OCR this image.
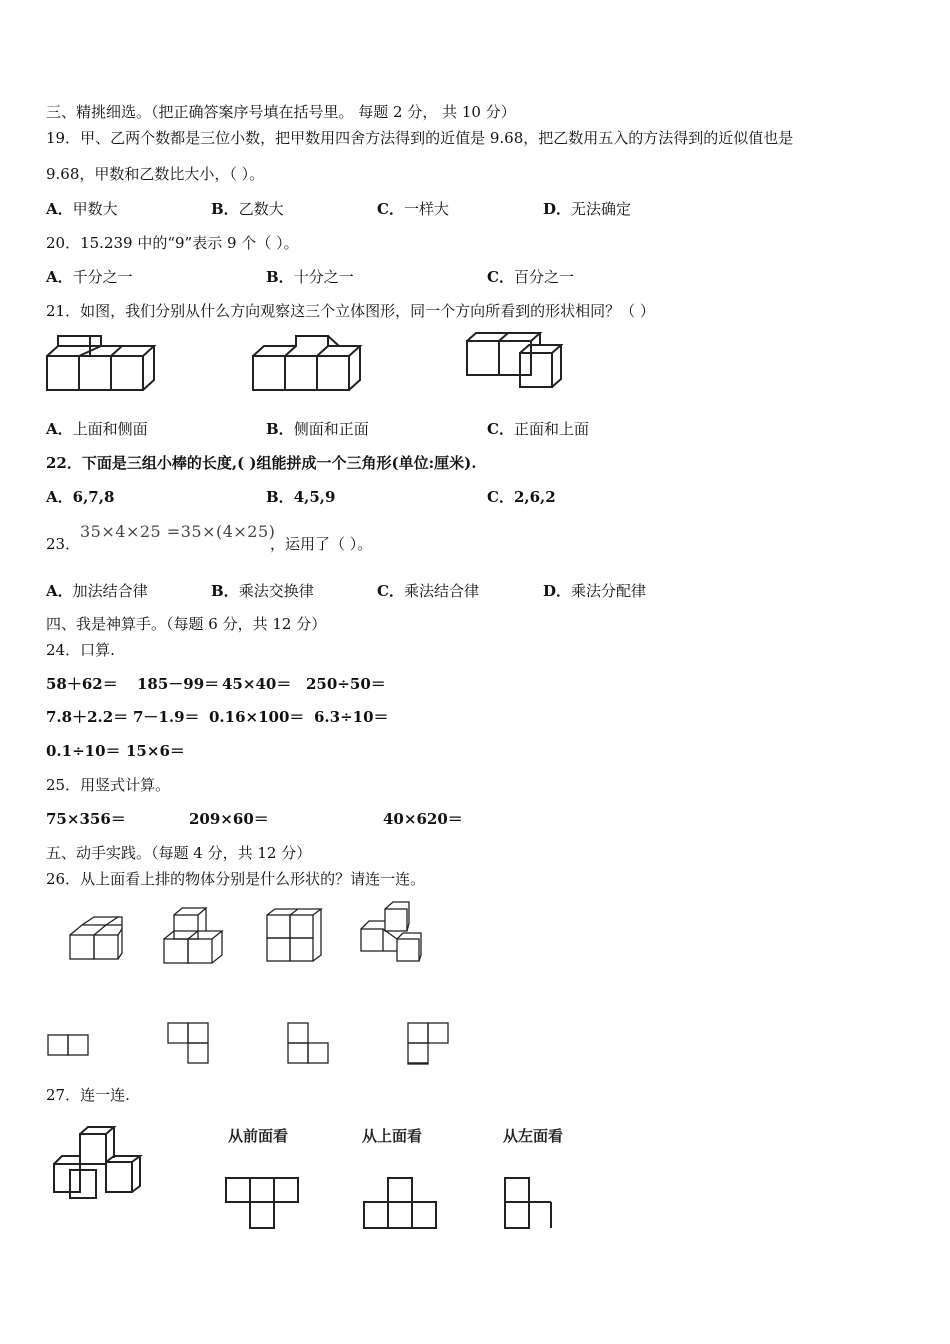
三、精挑细选。（把正确答案序号填在括号里。 每题 2 分， 共 10 分）
19．甲、乙两个数都是三位小数，把甲数用四舍方法得到的近值是 9.68，把乙数用五入的方法得到的近似值也是
9.68，甲数和乙数比大小，（ ）。
A．甲数大	B．乙数大	C．一样大	D．无法确定
20．15.239 中的“9”表示 9 个（ ）。
A．千分之一	B．十分之一	C．百分之一
21．如图，我们分别从什么方向观察这三个立体图形，同一个方向所看到的形状相同？（ ）
A．上面和侧面	B．侧面和正面	C．正面和上面
22．下面是三组小棒的长度,( )组能拼成一个三角形(单位:厘米).
A．6,7,8	B．4,5,9	C．2,6,2
23．
35×4×25 =35×(4×25)
，运用了（ ）。
A．加法结合律	B．乘法交换律	C．乘法结合律	D．乘法分配律
四、我是神算手。（每题 6 分，共 12 分）
24．口算.
58＋62＝ 185－99＝ 45×40＝ 250÷50＝
7.8＋2.2＝ 7－1.9＝ 0.16×100＝ 6.3÷10＝
0.1÷10＝ 15×6＝
25．用竖式计算。
75×356＝	209×60＝	40×620＝
五、动手实践。（每题 4 分，共 12 分）
26．从上面看上排的物体分别是什么形状的？请连一连。
27．连一连.
从前面看	从上面看	从左面看
